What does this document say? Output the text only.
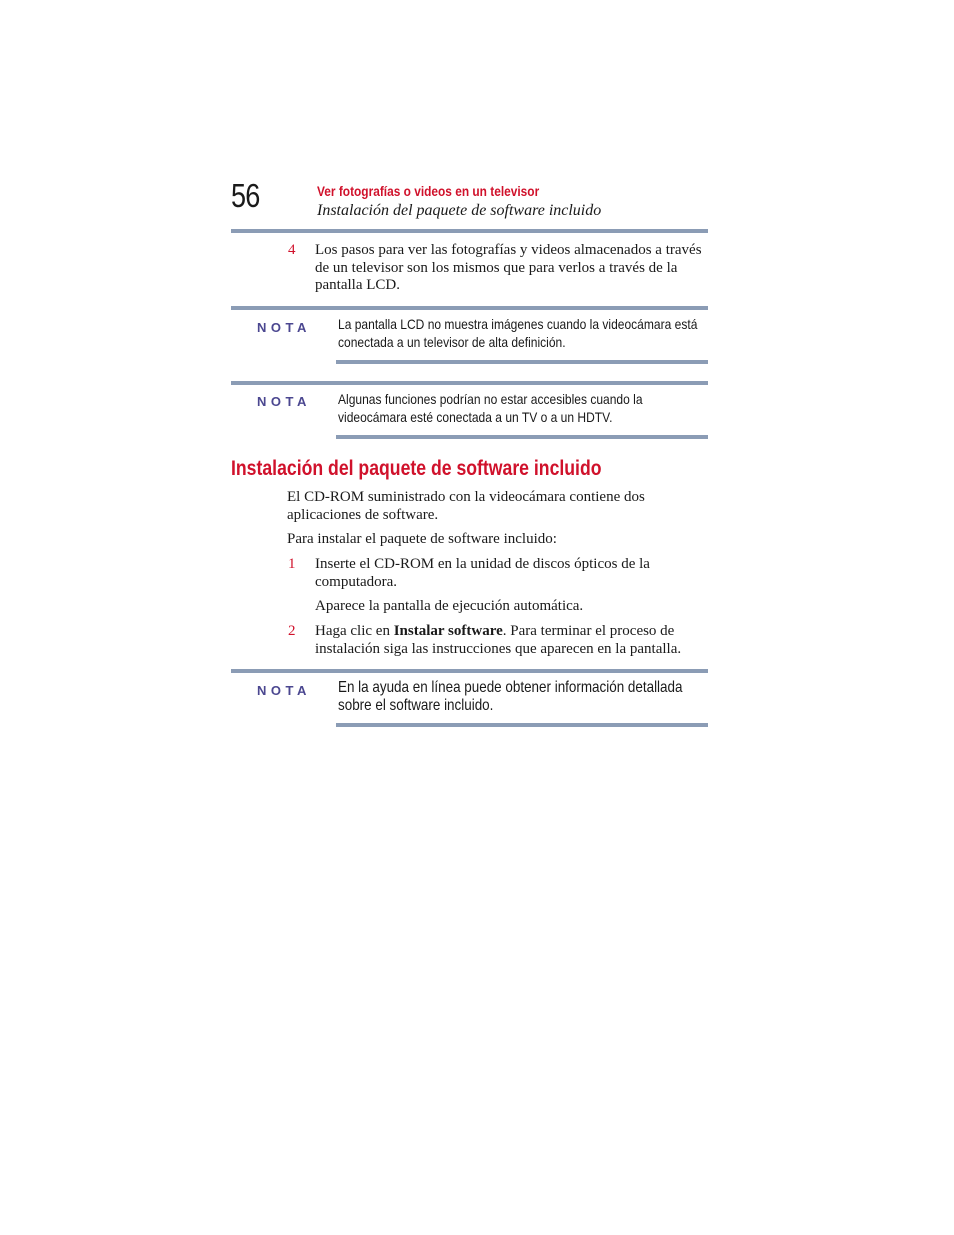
56	Ver fotografías o videos en un televisor
Instalación del paquete de software incluido
4 Los pasos para ver las fotografías y videos almacenados a través de un televisor son los mismos que para verlos a través de la pantalla LCD.
NOTA La pantalla LCD no muestra imágenes cuando la videocámara está conectada a un televisor de alta definición.
NOTA Algunas funciones podrían no estar accesibles cuando la videocámara esté conectada a un TV o a un HDTV.
Instalación del paquete de software incluido
El CD-ROM suministrado con la videocámara contiene dos aplicaciones de software.
Para instalar el paquete de software incluido:
1 Inserte el CD-ROM en la unidad de discos ópticos de la computadora.
Aparece la pantalla de ejecución automática.
2 Haga clic en Instalar software. Para terminar el proceso de instalación siga las instrucciones que aparecen en la pantalla.
NOTA En la ayuda en línea puede obtener información detallada sobre el software incluido.
